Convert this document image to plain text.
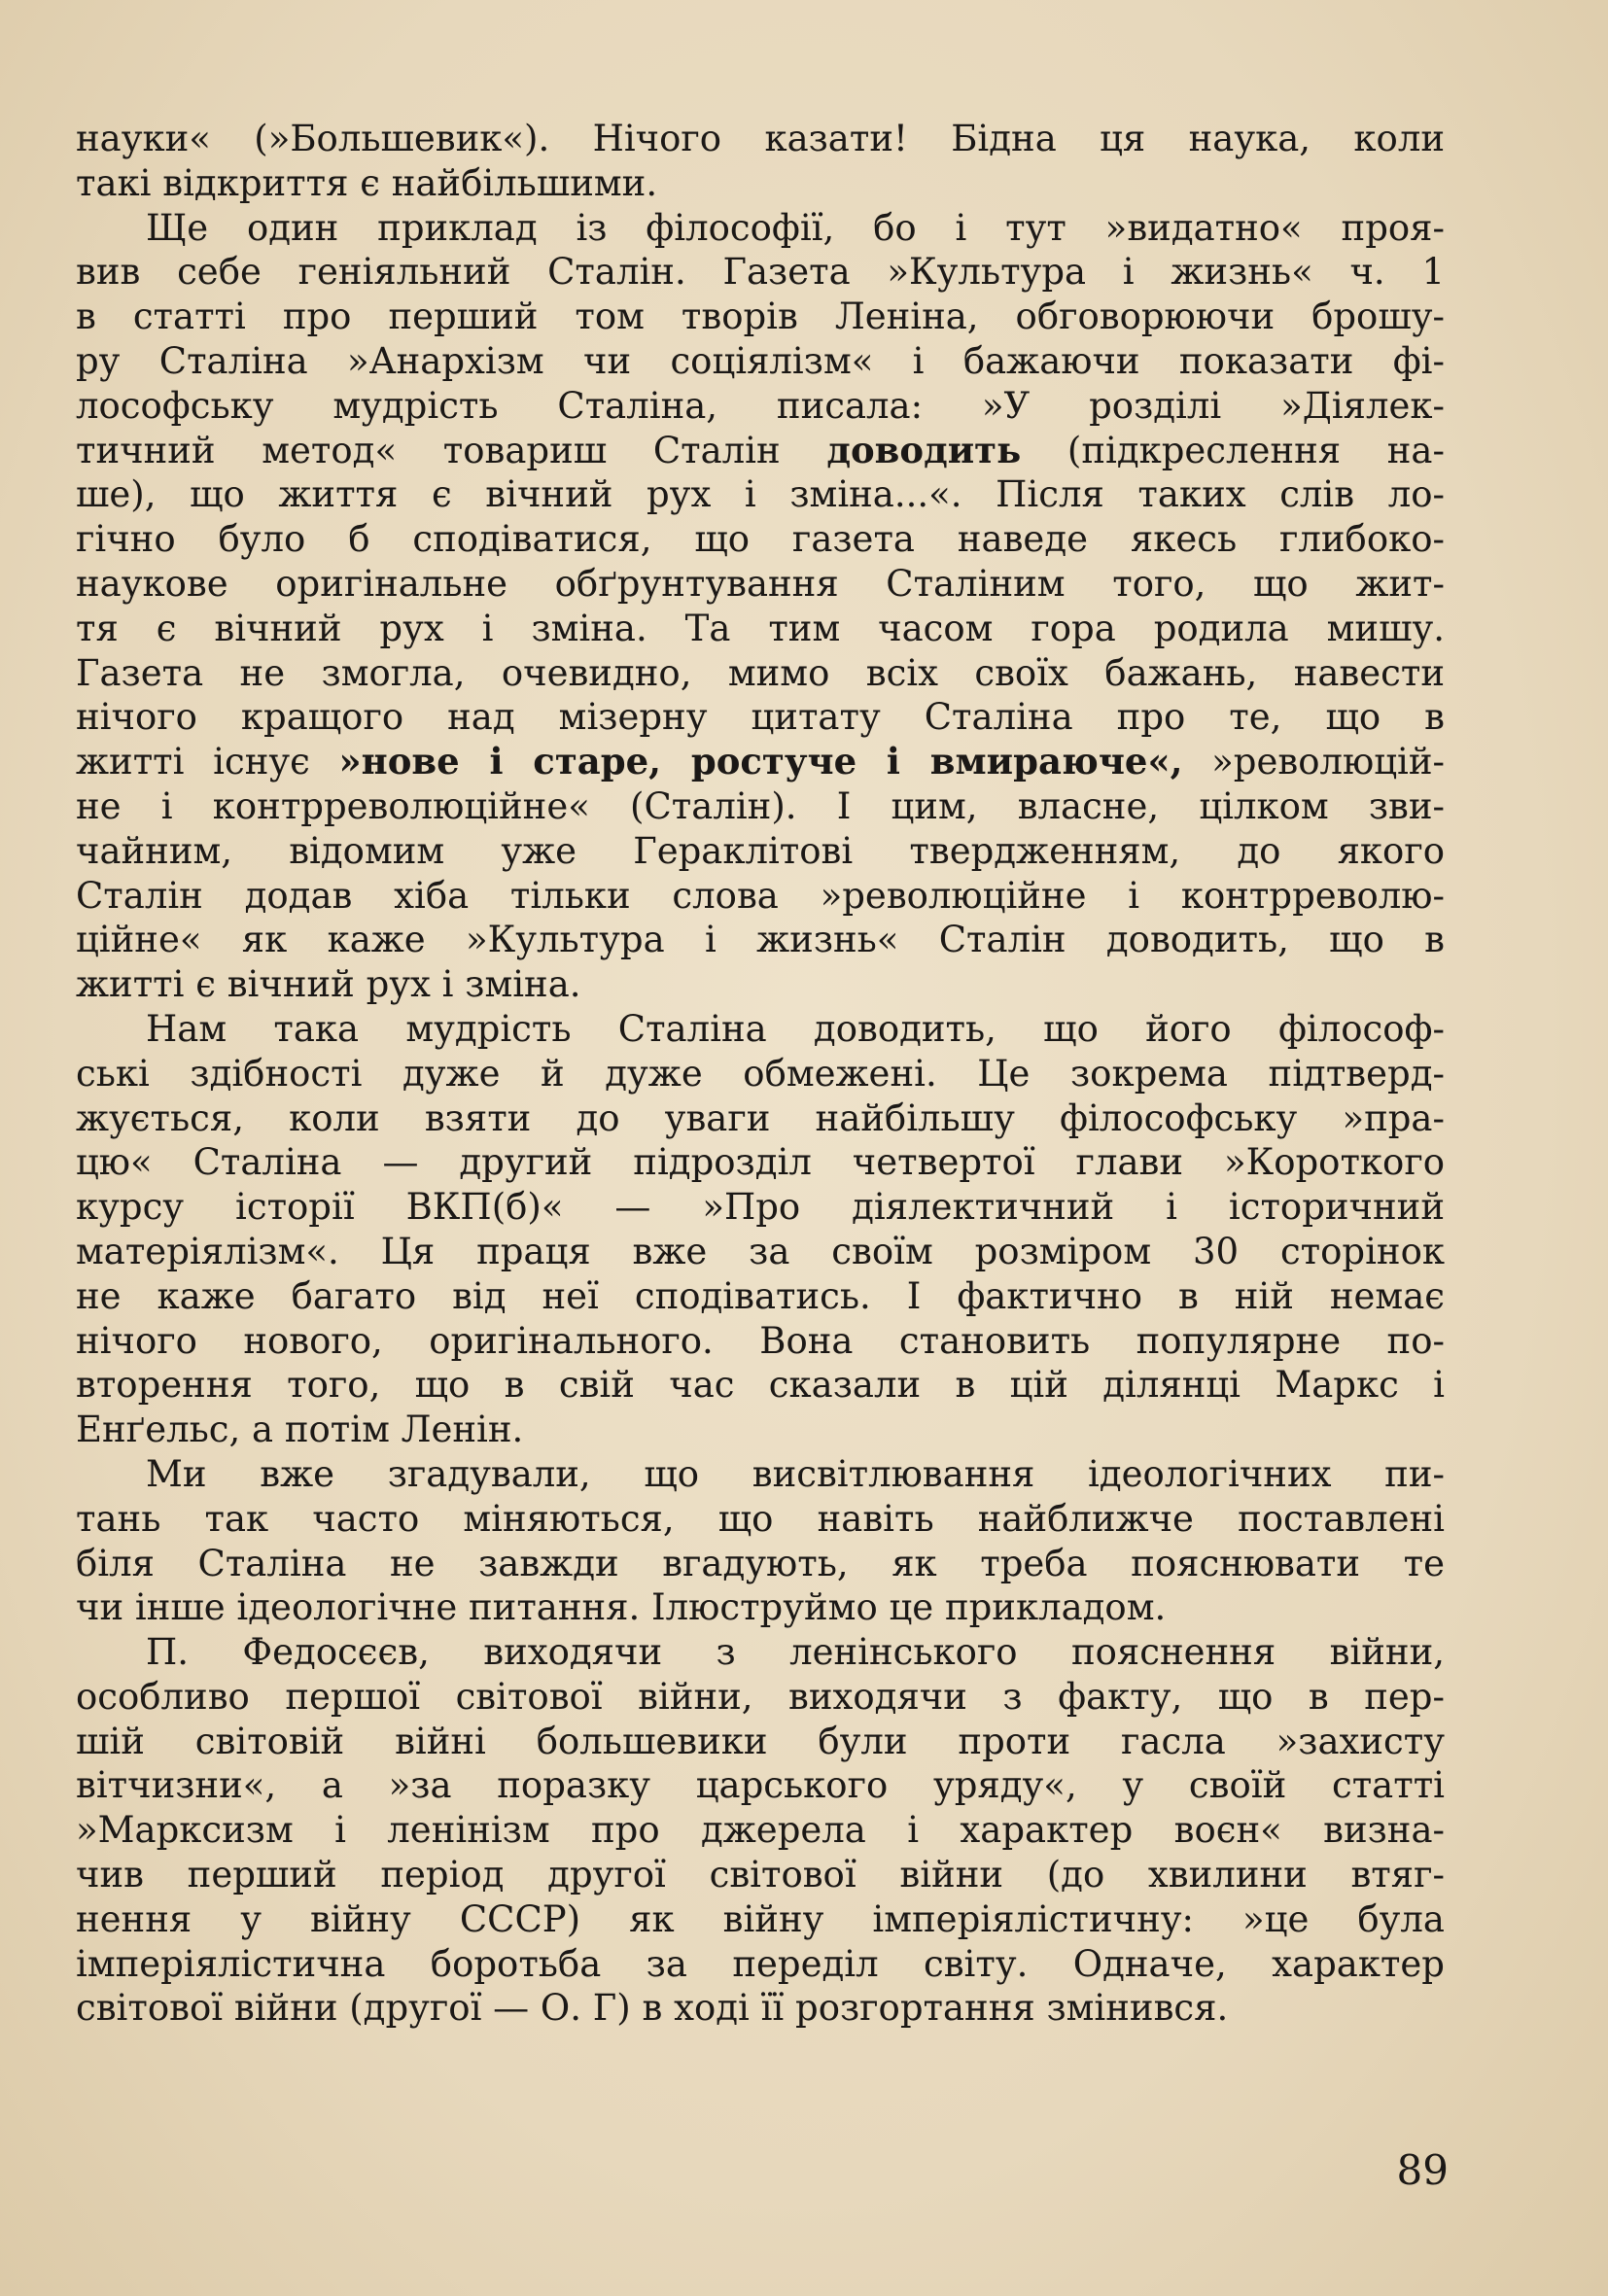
науки« (»Большевик«). Нічого казати! Бідна ця наука, коли
такі відкриття є найбільшими.
Ще один приклад із філософії, бо і тут »видатно« проя-
вив себе геніяльний Сталін. Газета »Культура і жизнь« ч. 1
в статті про перший том творів Леніна, обговорюючи брошу-
ру Сталіна »Анархізм чи соціялізм« і бажаючи показати фі-
лософську мудрість Сталіна, писала: »У розділі »Діялек-
тичний метод« товариш Сталін доводить (підкреслення на-
ше), що життя є вічний рух і зміна...«. Після таких слів ло-
гічно було б сподіватися, що газета наведе якесь глибоко-
наукове оригінальне обґрунтування Сталіним того, що жит-
тя є вічний рух і зміна. Та тим часом гора родила мишу.
Газета не змогла, очевидно, мимо всіх своїх бажань, навести
нічого кращого над мізерну цитату Сталіна про те, що в
житті існує »нове і старе, ростуче і вмираюче«, »революцій-
не і контрреволюційне« (Сталін). І цим, власне, цілком зви-
чайним, відомим уже Гераклітові твердженням, до якого
Сталін додав хіба тільки слова »революційне і контрреволю-
ційне« як каже »Культура і жизнь« Сталін доводить, що в
житті є вічний рух і зміна.
Нам така мудрість Сталіна доводить, що його філософ-
ські здібності дуже й дуже обмежені. Це зокрема підтверд-
жується, коли взяти до уваги найбільшу філософську »пра-
цю« Сталіна — другий підрозділ четвертої глави »Короткого
курсу історії ВКП(б)« — »Про діялектичний і історичний
матеріялізм«. Ця праця вже за своїм розміром 30 сторінок
не каже багато від неї сподіватись. І фактично в ній немає
нічого нового, оригінального. Вона становить популярне по-
вторення того, що в свій час сказали в цій ділянці Маркс і
Енґельс, а потім Ленін.
Ми вже згадували, що висвітлювання ідеологічних пи-
тань так часто міняються, що навіть найближче поставлені
біля Сталіна не завжди вгадують, як треба пояснювати те
чи інше ідеологічне питання. Ілюструймо це прикладом.
П. Федосєєв, виходячи з ленінського пояснення війни,
особливо першої світової війни, виходячи з факту, що в пер-
шій світовій війні большевики були проти гасла »захисту
вітчизни«, а »за поразку царського уряду«, у своїй статті
»Марксизм і ленінізм про джерела і характер воєн« визна-
чив перший період другої світової війни (до хвилини втяг-
нення у війну СССР) як війну імперіялістичну: »це була
імперіялістична боротьба за переділ світу. Одначе, характер
світової війни (другої — О. Г) в ході її розгортання змінився.
89
